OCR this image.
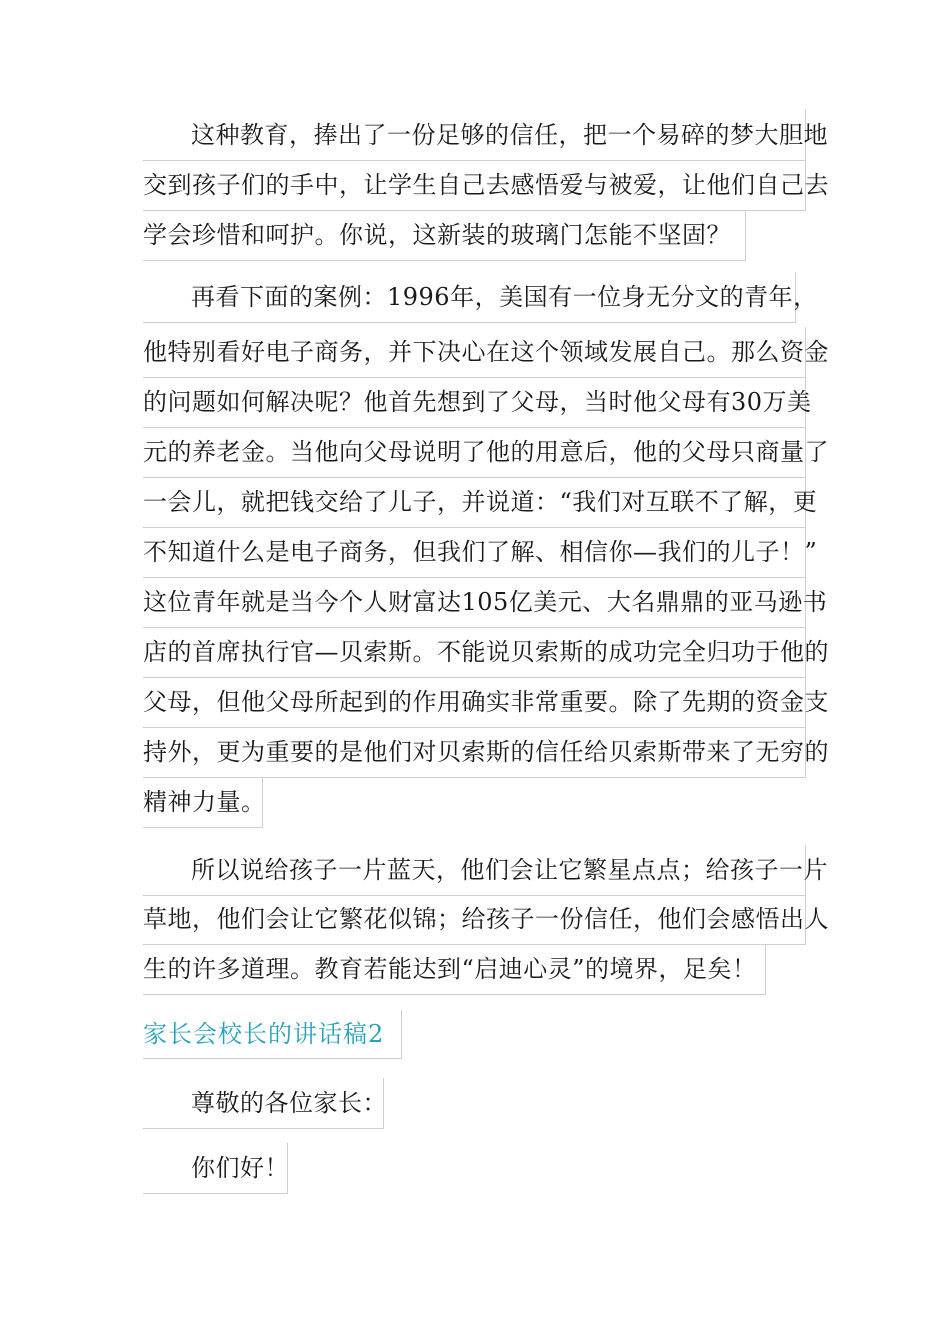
这种教育，捧出了一份足够的信任，把一个易碎的梦大胆地
交到孩子们的手中，让学生自己去感悟爱与被爱，让他们自己去
学会珍惜和呵护。你说，这新装的玻璃门怎能不坚固？
再看下面的案例：1996年，美国有一位身无分文的青年，
他特别看好电子商务，并下决心在这个领域发展自己。那么资金
的问题如何解决呢？他首先想到了父母，当时他父母有30万美
元的养老金。当他向父母说明了他的用意后，他的父母只商量了
一会儿，就把钱交给了儿子，并说道：“我们对互联不了解，更
不知道什么是电子商务，但我们了解、相信你—我们的儿子！”
这位青年就是当今个人财富达105亿美元、大名鼎鼎的亚马逊书
店的首席执行官—贝索斯。不能说贝索斯的成功完全归功于他的
父母，但他父母所起到的作用确实非常重要。除了先期的资金支
持外，更为重要的是他们对贝索斯的信任给贝索斯带来了无穷的
精神力量。
所以说给孩子一片蓝天，他们会让它繁星点点；给孩子一片
草地，他们会让它繁花似锦；给孩子一份信任，他们会感悟出人
生的许多道理。教育若能达到“启迪心灵”的境界，足矣！
家长会校长的讲话稿2
尊敬的各位家长：
你们好！
